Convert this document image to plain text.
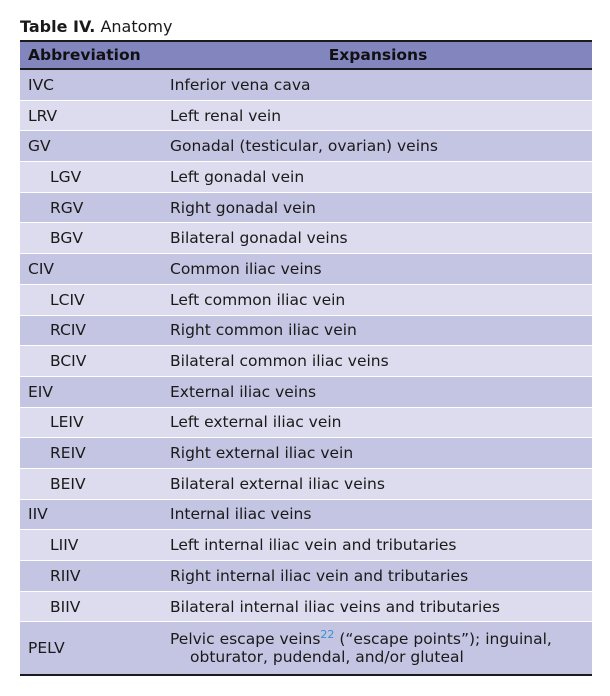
Table IV. Anatomy
Abbreviation	Expansions
IVC	Inferior vena cava
LRV	Left renal vein
GV	Gonadal (testicular, ovarian) veins
LGV	Left gonadal vein
RGV	Right gonadal vein
BGV	Bilateral gonadal veins
CIV	Common iliac veins
LCIV	Left common iliac vein
RCIV	Right common iliac vein
BCIV	Bilateral common iliac veins
EIV	External iliac veins
LEIV	Left external iliac vein
REIV	Right external iliac vein
BEIV	Bilateral external iliac veins
IIV	Internal iliac veins
LIIV	Left internal iliac vein and tributaries
RIIV	Right internal iliac vein and tributaries
BIIV	Bilateral internal iliac veins and tributaries
PELV	Pelvic escape veins$^{22}$ (“escape points”); inguinal,
obturator, pudendal, and/or gluteal
